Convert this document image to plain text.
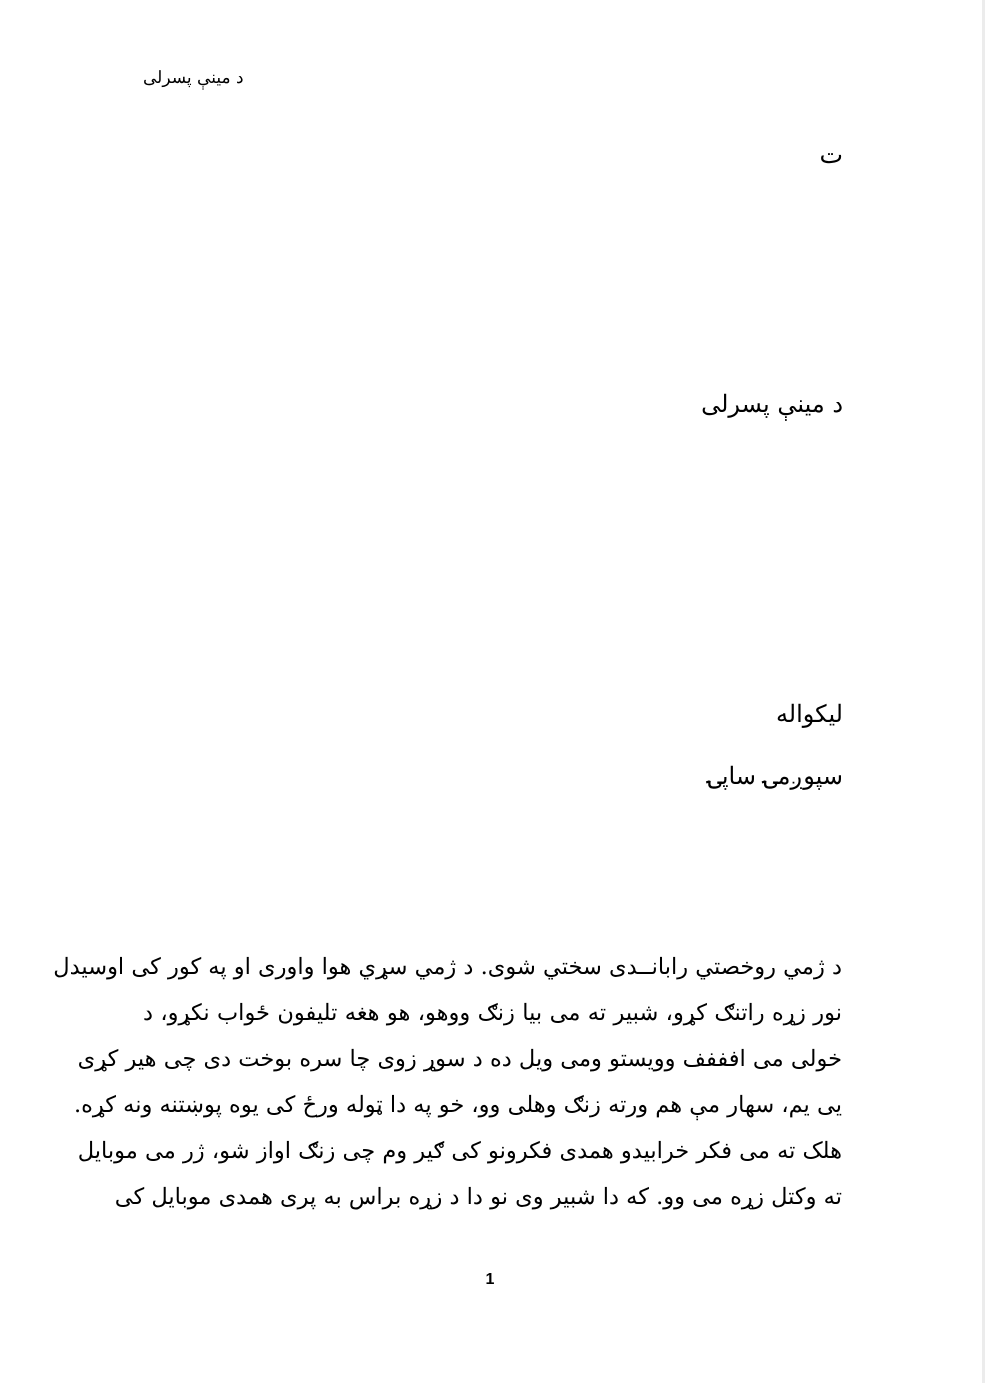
د مینې پسرلی
ت
د مینې پسرلی
لیکواله
سپوږمۍ ساپۍ
د ژمي روخصتي رابانــدی سختي شوی. د ژمي سړي هوا واوری او په کور کی اوسیدل
نور زړه راتنګ کړو، شبیر ته می بیا زنګ ووهو، هو هغه تلیفون ځواب نکړو، د
خولی می افففف وویستو ومی ویل ده د سوړ زوی چا سره بوخت دی چی هیر کړی
یی یم، سهار مې هم ورته زنګ وهلی وو، خو په دا ټوله ورځ کی یوه پوښتنه ونه کړه.
هلک ته می فکر خرابیدو همدی فکرونو کی ګیر وم چی زنګ اواز شو، ژر می موبایل
ته وکتل زړه می وو. که دا شبیر وی نو دا د زړه براس به پری همدی موبایل کی
1
